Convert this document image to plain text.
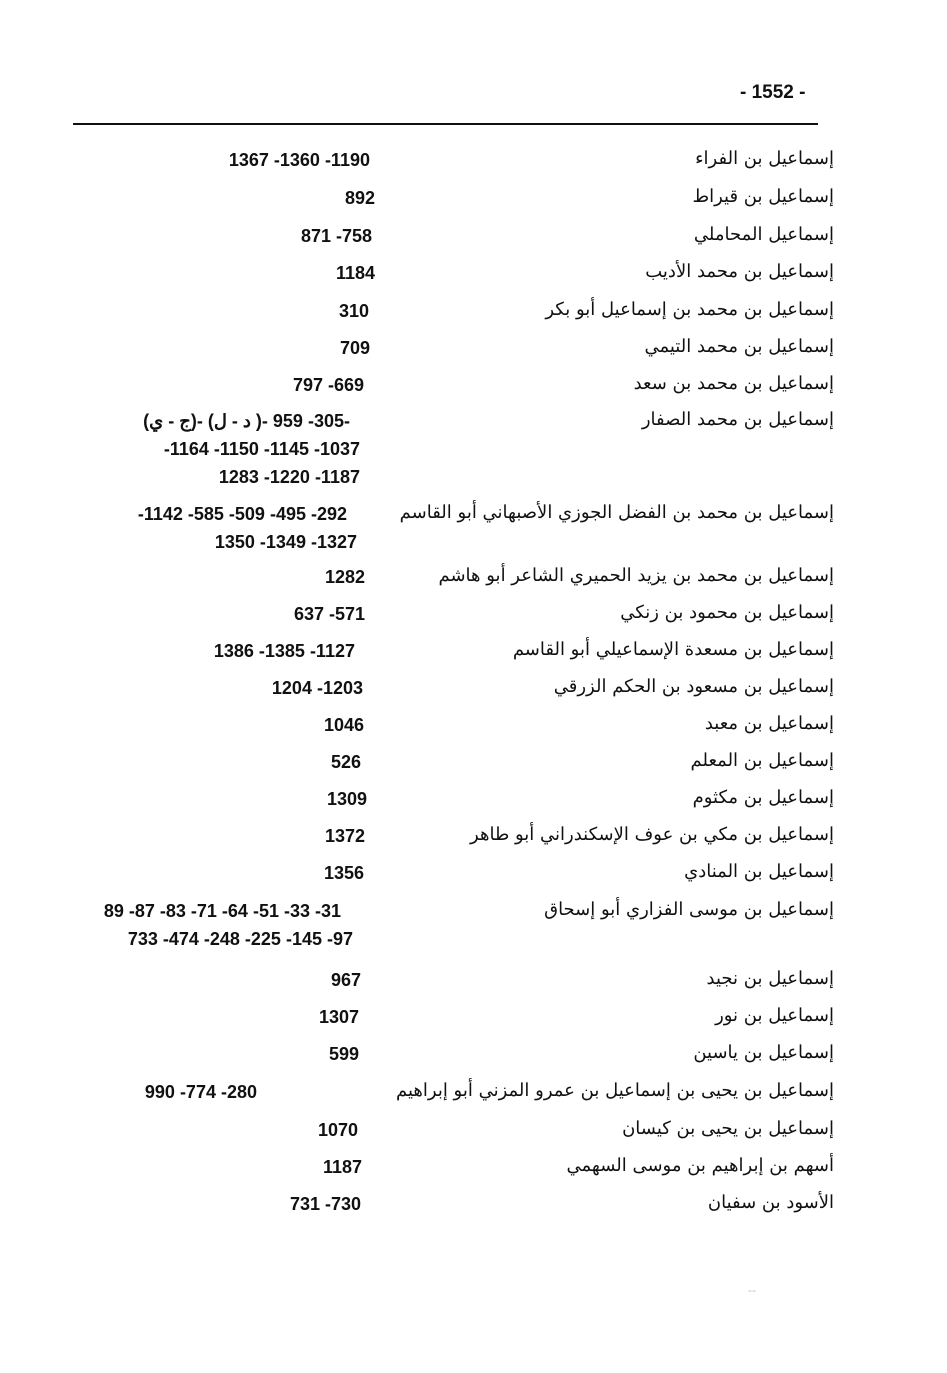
- 1552 -
إسماعيل بن الفراء
1367 -1360 -1190
إسماعيل بن قيراط
892
إسماعيل المحاملي
871 -758
إسماعيل بن محمد الأديب
1184
إسماعيل بن محمد بن إسماعيل أبو بكر
310
إسماعيل بن محمد التيمي
709
إسماعيل بن محمد بن سعد
797 -669
إسماعيل بن محمد الصفار
(ج - ي)- (د - ل )- 305- 959-
-1164 -1150 -1145 -1037
1283 -1220 -1187
إسماعيل بن محمد بن الفضل الجوزي الأصبهاني أبو القاسم
-1142 -585 -509 -495 -292
1350 -1349 -1327
إسماعيل بن محمد بن يزيد الحميري الشاعر أبو هاشم
1282
إسماعيل بن محمود بن زنكي
637 -571
إسماعيل بن مسعدة الإسماعيلي أبو القاسم
1386 -1385 -1127
إسماعيل بن مسعود بن الحكم الزرقي
1204 -1203
إسماعيل بن معبد
1046
إسماعيل بن المعلم
526
إسماعيل بن مكثوم
1309
إسماعيل بن مكي بن عوف الإسكندراني أبو طاهر
1372
إسماعيل بن المنادي
1356
إسماعيل بن موسى الفزاري أبو إسحاق
89 -87 -83 -71 -64 -51 -33 -31
733 -474 -248 -225 -145 -97
إسماعيل بن نجيد
967
إسماعيل بن نور
1307
إسماعيل بن ياسين
599
إسماعيل بن يحيى بن إسماعيل بن عمرو المزني أبو إبراهيم
990 -774 -280
إسماعيل بن يحيى بن كيسان
1070
أسهم بن إبراهيم بن موسى السهمي
1187
الأسود بن سفيان
731 -730
--
